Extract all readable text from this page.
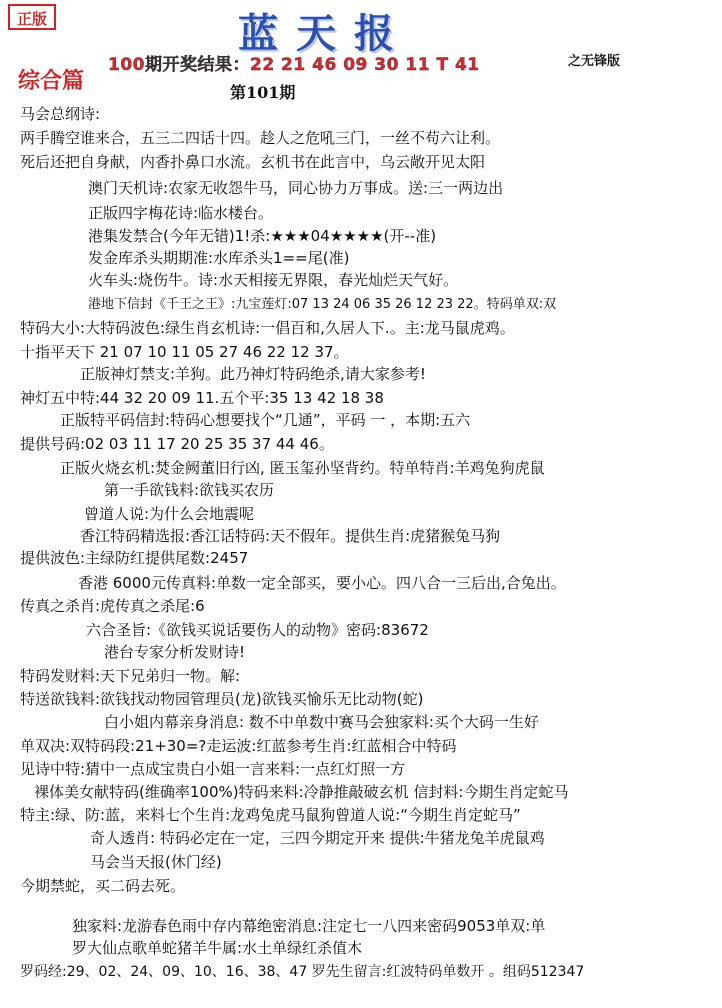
正版	蓝天报
100期开奖结果：22 21 46 09 30 11 T 41	之无锋版
综合篇	第101期
马会总纲诗:
两手腾空谁来合，五三二四话十四。趁人之危吼三门，一丝不苟六让利。
死后还把自身献，内香扑鼻口水流。玄机书在此言中，乌云敞开见太阳
澳门天机诗:农家无收怨牛马，同心协力万事成。送:三一两边出
正版四字梅花诗:临水楼台。
港集发禁合(今年无错)1!杀:★★★04★★★★(开--准)
发金库杀头期期准:水库杀头1==尾(准)
火车头:烧伤牛。诗:水天相接无界限，春光灿烂天气好。
港地下信封《千王之王》:九宝莲灯:07 13 24 06 35 26 12 23 22。特码单双:双
特码大小:大特码波色:绿生肖玄机诗:一倡百和,久居人下.。主:龙马鼠虎鸡。
十指平天下 21 07 10 11 05 27 46 22 12 37。
正版神灯禁支:羊狗。此乃神灯特码绝杀,请大家参考!
神灯五中特:44 32 20 09 11.五个平:35 13 42 18 38
正版特平码信封:特码心想要找个“几通”，平码 一 ，本期:五六
提供号码:02 03 11 17 20 25 35 37 44 46。
正版火烧玄机:焚金阙董旧行凶, 匿玉玺孙坚背约。特单特肖:羊鸡兔狗虎鼠
第一手欲钱料:欲钱买农历
曾道人说:为什么会地震呢
香江特码精选报:香江话特码:天不假年。提供生肖:虎猪猴兔马狗
提供波色:主绿防红提供尾数:2457
香港 6000元传真料:单数一定全部买，要小心。四八合一三后出,合兔出。
传真之杀肖:虎传真之杀尾:6
六合圣旨:《欲钱买说话要伤人的动物》密码:83672
港台专家分析发财诗!
特码发财料:天下兄弟归一物。解:
特送欲钱料:欲钱找动物园管理员(龙)欲钱买愉乐无比动物(蛇)
白小姐内幕亲身消息: 数不中单数中赛马会独家料:买个大码一生好
单双决:双特码段:21+30=?走运波:红蓝参考生肖:红蓝相合中特码
见诗中特:猜中一点成宝贵白小姐一言来料:一点红灯照一方
裸体美女献特码(维确率100%)特码来料:冷静推敲破玄机 信封料:今期生肖定蛇马
特主:绿、防:蓝，来料七个生肖:龙鸡兔虎马鼠狗曾道人说:“今期生肖定蛇马”
奇人透肖: 特码必定在一定，三四今期定开来 提供:牛猪龙兔羊虎鼠鸡
马会当天报(休门经)
今期禁蛇，买二码去死。
独家料:龙游春色雨中存内幕绝密消息:注定七一八四来密码9053单双:单
罗大仙点歌单蛇猪羊牛属:水土单绿红杀值木
罗码经:29、02、24、09、10、16、38、47 罗先生留言:红波特码单数开 。组码512347
